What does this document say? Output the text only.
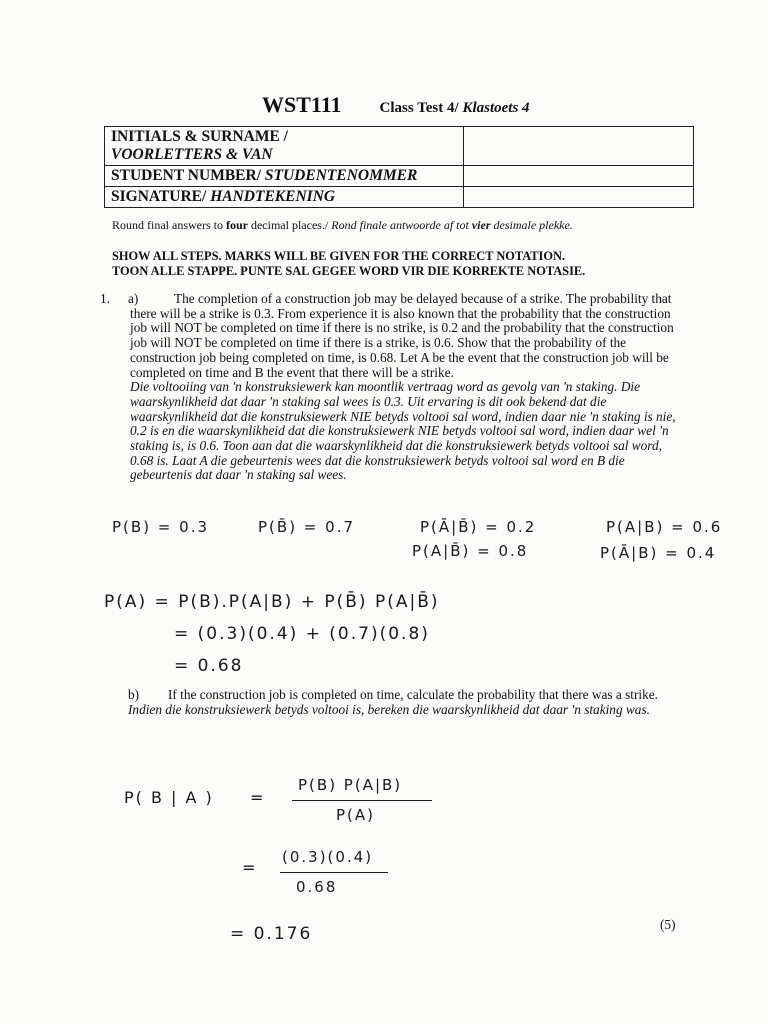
WST111	Class Test 4/ Klastoets 4
INITIALS & SURNAME /
VOORLETTERS & VAN	

STUDENT NUMBER/ STUDENTENOMMER	
SIGNATURE/ HANDTEKENING	
Round final answers to four decimal places./ Rond finale antwoorde af tot vier desimale plekke.
SHOW ALL STEPS. MARKS WILL BE GIVEN FOR THE CORRECT NOTATION.
TOON ALLE STAPPE. PUNTE SAL GEGEE WORD VIR DIE KORREKTE NOTASIE.
1. a)	The completion of a construction job may be delayed because of a strike. The probability that there will be a strike is 0.3. From experience it is also known that the probability that the construction job will NOT be completed on time if there is no strike, is 0.2 and the probability that the construction job will NOT be completed on time if there is a strike, is 0.6. Show that the probability of the construction job being completed on time, is 0.68. Let A be the event that the construction job will be completed on time and B the event that there will be a strike.
Die voltooiing van 'n konstruksiewerk kan moontlik vertraag word as gevolg van 'n staking. Die waarskynlikheid dat daar 'n staking sal wees is 0.3. Uit ervaring is dit ook bekend dat die waarskynlikheid dat die konstruksiewerk NIE betyds voltooi sal word, indien daar nie 'n staking is nie, 0.2 is en die waarskynlikheid dat die konstruksiewerk NIE betyds voltooi sal word, indien daar wel 'n staking is, is 0.6. Toon aan dat die waarskynlikheid dat die konstruksiewerk betyds voltooi sal word, 0.68 is. Laat A die gebeurtenis wees dat die konstruksiewerk betyds voltooi sal word en B die gebeurtenis dat daar 'n staking sal wees.
P(B) = 0.3	P(B̄) = 0.7	P(Ā|B̄) = 0.2	P(A|B) = 0.6
P(A|B̄) = 0.8	P(Ā|B) = 0.4
P(A) = P(B).P(A|B) + P(B̄) P(A|B̄)
= (0.3)(0.4) + (0.7)(0.8)
= 0.68
b)	If the construction job is completed on time, calculate the probability that there was a strike.
Indien die konstruksiewerk betyds voltooi is, bereken die waarskynlikheid dat daar 'n staking was.
P( B | A ) =
P(B) P(A|B)
P(A)
=
(0.3)(0.4)
0.68
= 0.176	(5)
